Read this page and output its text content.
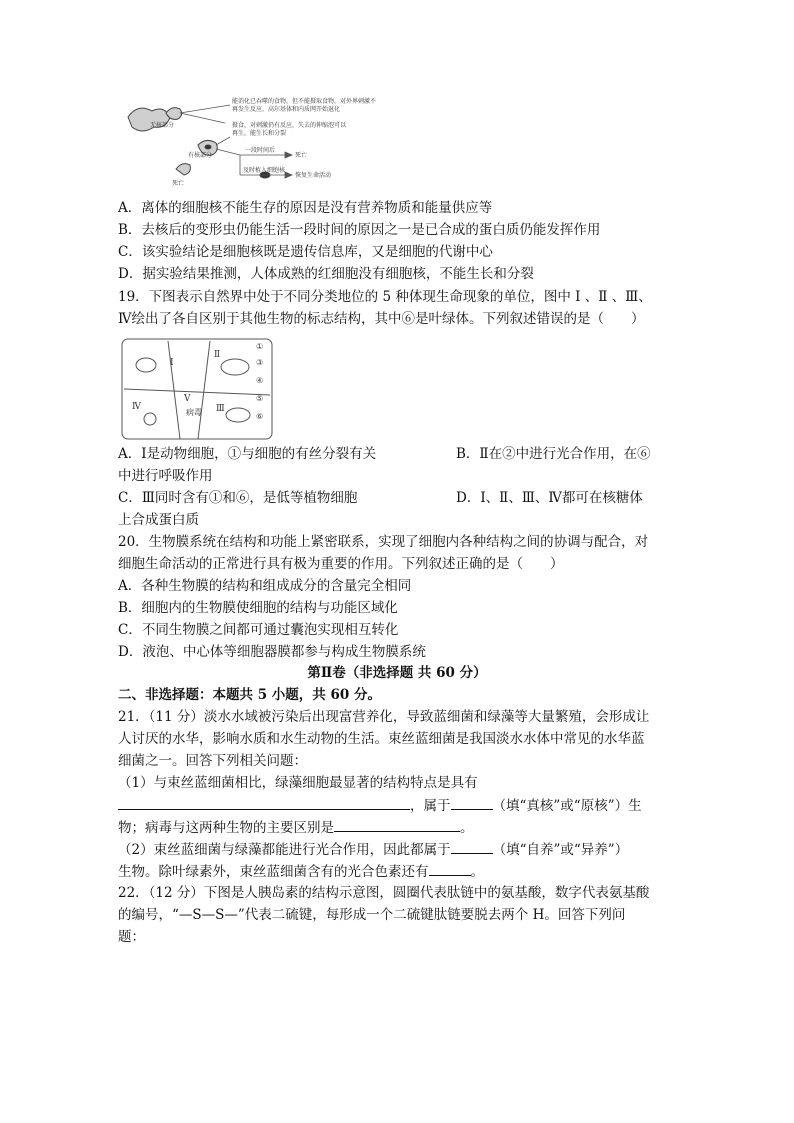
无核部分
有核部分
死亡
一段时间后
死亡
及时植入细胞核
恢复生命活动
能消化已吞噬的食物，但不能摄取食物，对外界刺激不
再发生反应，高尔基体和内质网开始退化
摄食，对刺激仍有反应，失去的伸缩泡可以
再生，能生长和分裂
A．离体的细胞核不能生存的原因是没有营养物质和能量供应等
B．去核后的变形虫仍能生活一段时间的原因之一是已合成的蛋白质仍能发挥作用
C．该实验结论是细胞核既是遗传信息库，又是细胞的代谢中心
D．据实验结果推测，人体成熟的红细胞没有细胞核，不能生长和分裂
19．下图表示自然界中处于不同分类地位的 5 种体现生命现象的单位，图中 Ⅰ 、Ⅱ 、Ⅲ、
Ⅳ绘出了各自区别于其他生物的标志结构，其中⑥是叶绿体。下列叙述错误的是（　　）
Ⅰ
Ⅱ
Ⅲ
Ⅳ
Ⅴ
病毒
①
③
④
⑤
⑥
A．Ⅰ是动物细胞，①与细胞的有丝分裂有关	B．Ⅱ在②中进行光合作用，在⑥
中进行呼吸作用
C．Ⅲ同时含有①和⑥，是低等植物细胞	D．Ⅰ、Ⅱ、Ⅲ、Ⅳ都可在核糖体
上合成蛋白质
20．生物膜系统在结构和功能上紧密联系，实现了细胞内各种结构之间的协调与配合，对
细胞生命活动的正常进行具有极为重要的作用。下列叙述正确的是（　　）
A．各种生物膜的结构和组成成分的含量完全相同
B．细胞内的生物膜使细胞的结构与功能区域化
C．不同生物膜之间都可通过囊泡实现相互转化
D．液泡、中心体等细胞器膜都参与构成生物膜系统
第Ⅱ卷（非选择题 共 60 分）
二、非选择题：本题共 5 小题，共 60 分。
21．（11 分）淡水水域被污染后出现富营养化，导致蓝细菌和绿藻等大量繁殖，会形成让
人讨厌的水华，影响水质和水生动物的生活。束丝蓝细菌是我国淡水水体中常见的水华蓝
细菌之一。回答下列相关问题：
（1）与束丝蓝细菌相比，绿藻细胞最显著的结构特点是具有
，属于	（填“真核”或“原核”）生
物；病毒与这两种生物的主要区别是	。
（2）束丝蓝细菌与绿藻都能进行光合作用，因此都属于	（填“自养”或“异养”）
生物。除叶绿素外，束丝蓝细菌含有的光合色素还有	。
22．（12 分）下图是人胰岛素的结构示意图，圆圈代表肽链中的氨基酸，数字代表氨基酸
的编号，“—S—S—”代表二硫键，每形成一个二硫键肽链要脱去两个 H。回答下列问
题：
